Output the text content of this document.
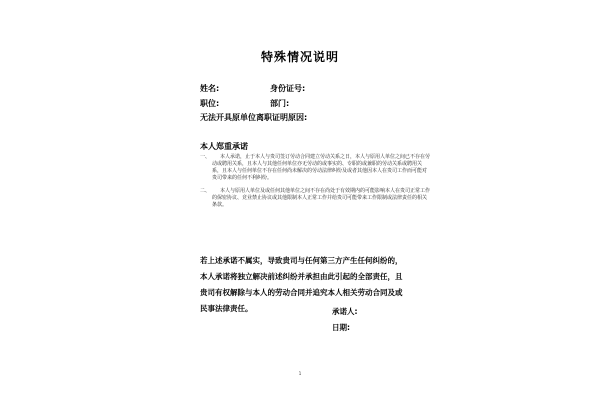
特殊情况说明
姓名:	身份证号:
职位:	部门:
无法开具原单位离职证明原因:
本人郑重承诺
一、	本人承诺，止于本人与贵司签订劳动合同建立劳动关系之日，本人与原用人单位之间已不存在劳动或聘用关系，且本人与其他任何单位亦无劳动的或事实的、专职的或兼职的劳动关系或聘用关系，且本人与任何单位不存在任何尚未解决的劳动法律纠纷及或者其他因本人在贵司工作而可能对贵司带来的任何不利纠纷。
二、	本人与原用人单位及或任何其他单位之间不存在尚处于有效期内的可能影响本人在贵司正常工作的保密协议、竞业禁止协议或其他限制本人正常工作并给贵司可能带来工作限制或法律责任的相关条款。
若上述承诺不属实，导致贵司与任何第三方产生任何纠纷的，本人承诺将独立解决前述纠纷并承担由此引起的全部责任，且贵司有权解除与本人的劳动合同并追究本人相关劳动合同及或民事法律责任。	承诺人:
日期:
1
